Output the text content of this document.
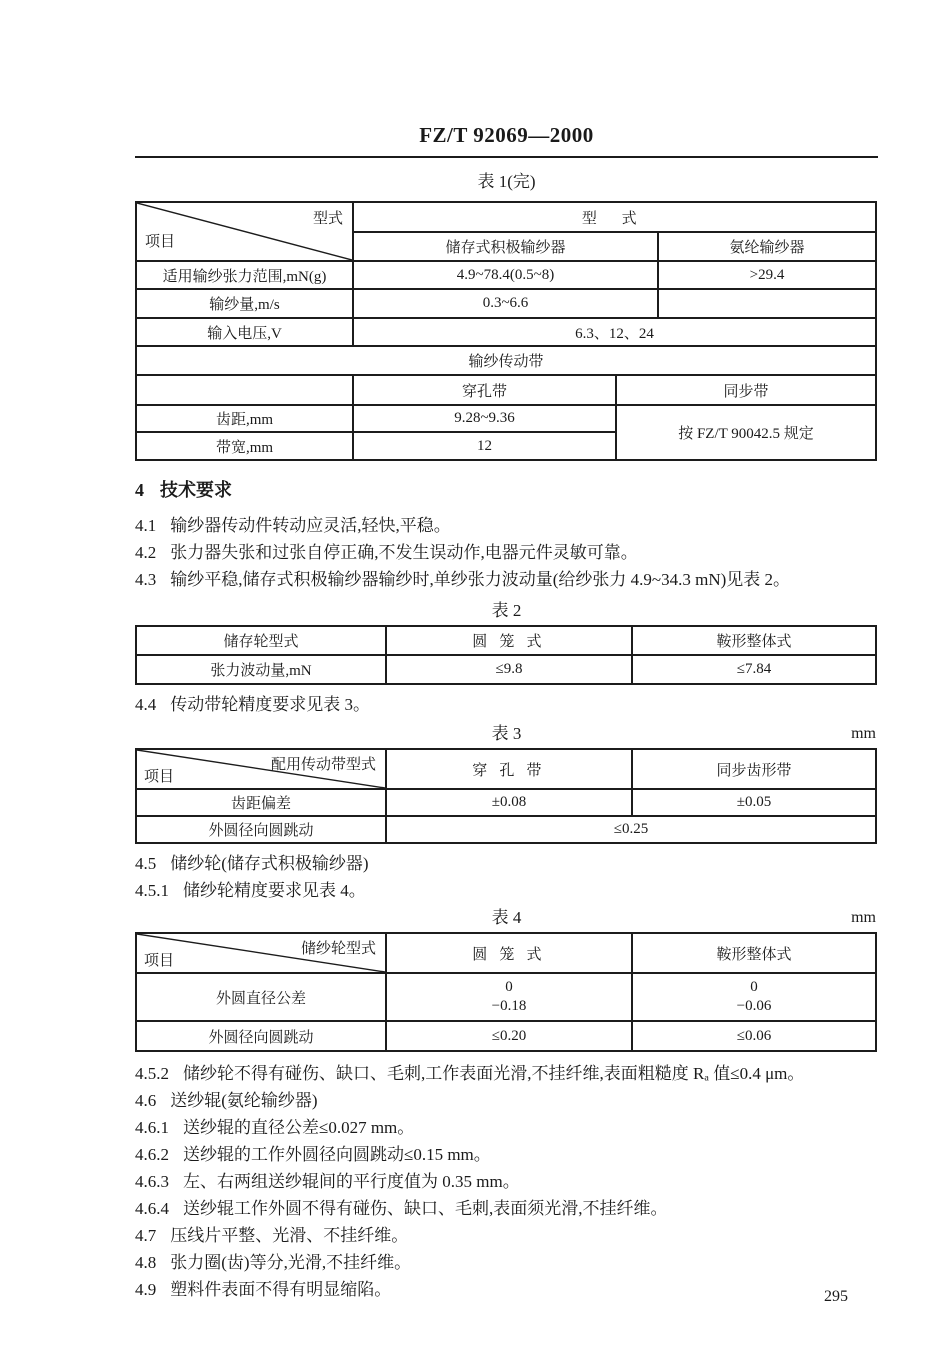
FZ/T 92069—2000
表 1(完)
型式
项目	型 式		
	储存式积极输纱器		氨纶输纱器
适用输纱张力范围,mN(g)	4.9~78.4(0.5~8)		>29.4
输纱量,m/s	0.3~6.6		
输入电压,V	6.3、12、24		
输纱传动带			
	穿孔带	同步带	
齿距,mm	9.28~9.36	按 FZ/T 90042.5 规定	
带宽,mm	12		
4 技术要求
4.1 输纱器传动件转动应灵活,轻快,平稳。
4.2 张力器失张和过张自停正确,不发生误动作,电器元件灵敏可靠。
4.3 输纱平稳,储存式积极输纱器输纱时,单纱张力波动量(给纱张力 4.9~34.3 mN)见表 2。
表 2
储存轮型式	圆 笼 式	鞍形整体式
张力波动量,mN	≤9.8	≤7.84
4.4 传动带轮精度要求见表 3。
表 3	mm
配用传动带型式
项目	穿 孔 带	同步齿形带
齿距偏差	±0.08	±0.05
外圆径向圆跳动	≤0.25	
4.5 储纱轮(储存式积极输纱器)
4.5.1 储纱轮精度要求见表 4。
表 4	mm
储纱轮型式
项目	圆 笼 式	鞍形整体式
外圆直径公差	
0
−0.18

0
−0.06

外圆径向圆跳动	≤0.20	≤0.06
4.5.2 储纱轮不得有碰伤、缺口、毛刺,工作表面光滑,不挂纤维,表面粗糙度 Rₐ 值≤0.4 μm。
4.6 送纱辊(氨纶输纱器)
4.6.1 送纱辊的直径公差≤0.027 mm。
4.6.2 送纱辊的工作外圆径向圆跳动≤0.15 mm。
4.6.3 左、右两组送纱辊间的平行度值为 0.35 mm。
4.6.4 送纱辊工作外圆不得有碰伤、缺口、毛刺,表面须光滑,不挂纤维。
4.7 压线片平整、光滑、不挂纤维。
4.8 张力圈(齿)等分,光滑,不挂纤维。
4.9 塑料件表面不得有明显缩陷。	295
